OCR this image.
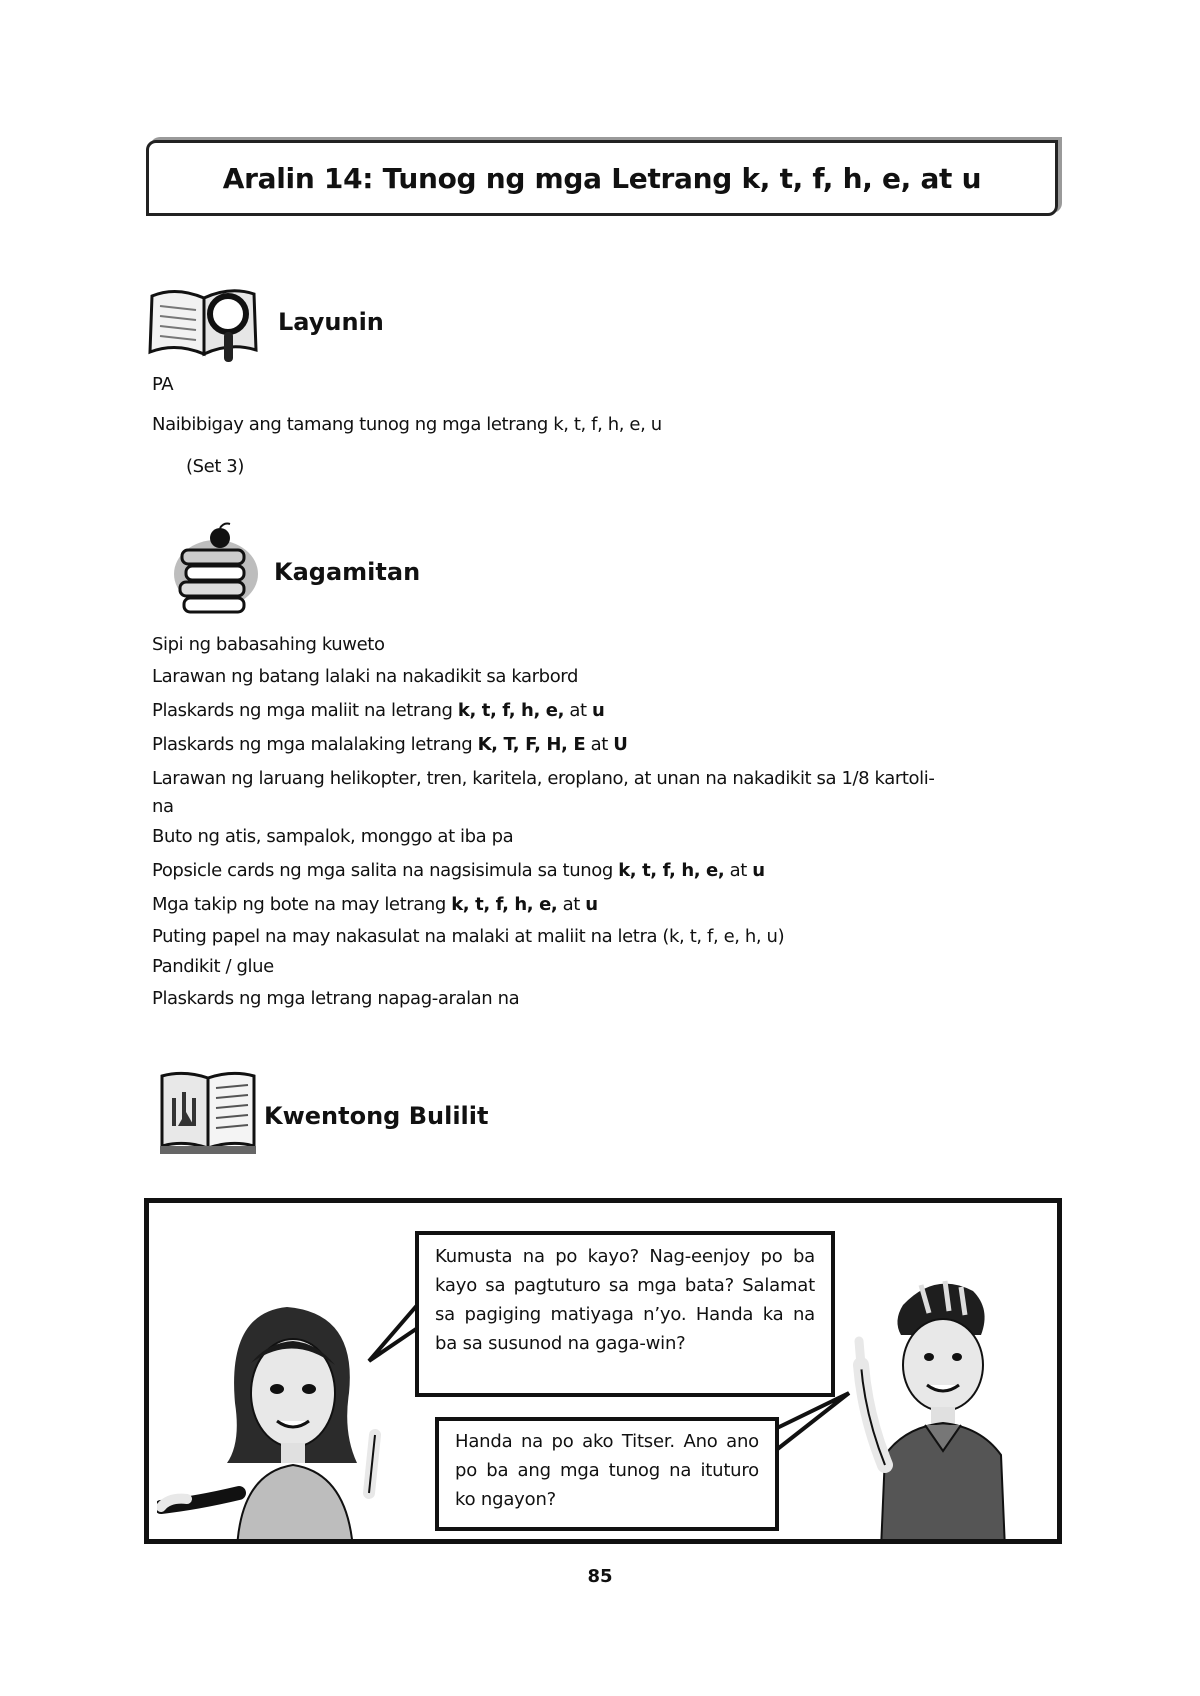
Aralin 14: Tunog ng mga Letrang k, t, f, h, e, at u
Layunin
PA
Naibibigay ang tamang tunog ng mga letrang k, t, f, h, e, u
(Set 3)
Kagamitan
Sipi ng babasahing kuweto
Larawan ng batang lalaki na nakadikit sa karbord
Plaskards ng mga maliit na letrang k, t, f, h, e, at u
Plaskards ng mga malalaking letrang K, T, F, H, E at U
Larawan ng laruang helikopter, tren, karitela, eroplano, at unan na nakadikit sa 1/8 kartoli-
na
Buto ng atis, sampalok, monggo at iba pa
Popsicle cards ng mga salita na nagsisimula sa tunog k, t, f, h, e, at u
Mga takip ng bote na may letrang k, t, f, h, e, at u
Puting papel na may nakasulat na malaki at maliit na letra (k, t, f, e, h, u)
Pandikit / glue
Plaskards ng mga letrang napag-aralan na
Kwentong Bulilit
Kumusta na po kayo? Nag-eenjoy po ba kayo sa pagtuturo sa mga bata? Salamat sa pagiging matiyaga n’yo. Handa ka na ba sa susunod na gaga-win?
Handa na po ako Titser. Ano ano po ba ang mga tunog na ituturo ko ngayon?
85
